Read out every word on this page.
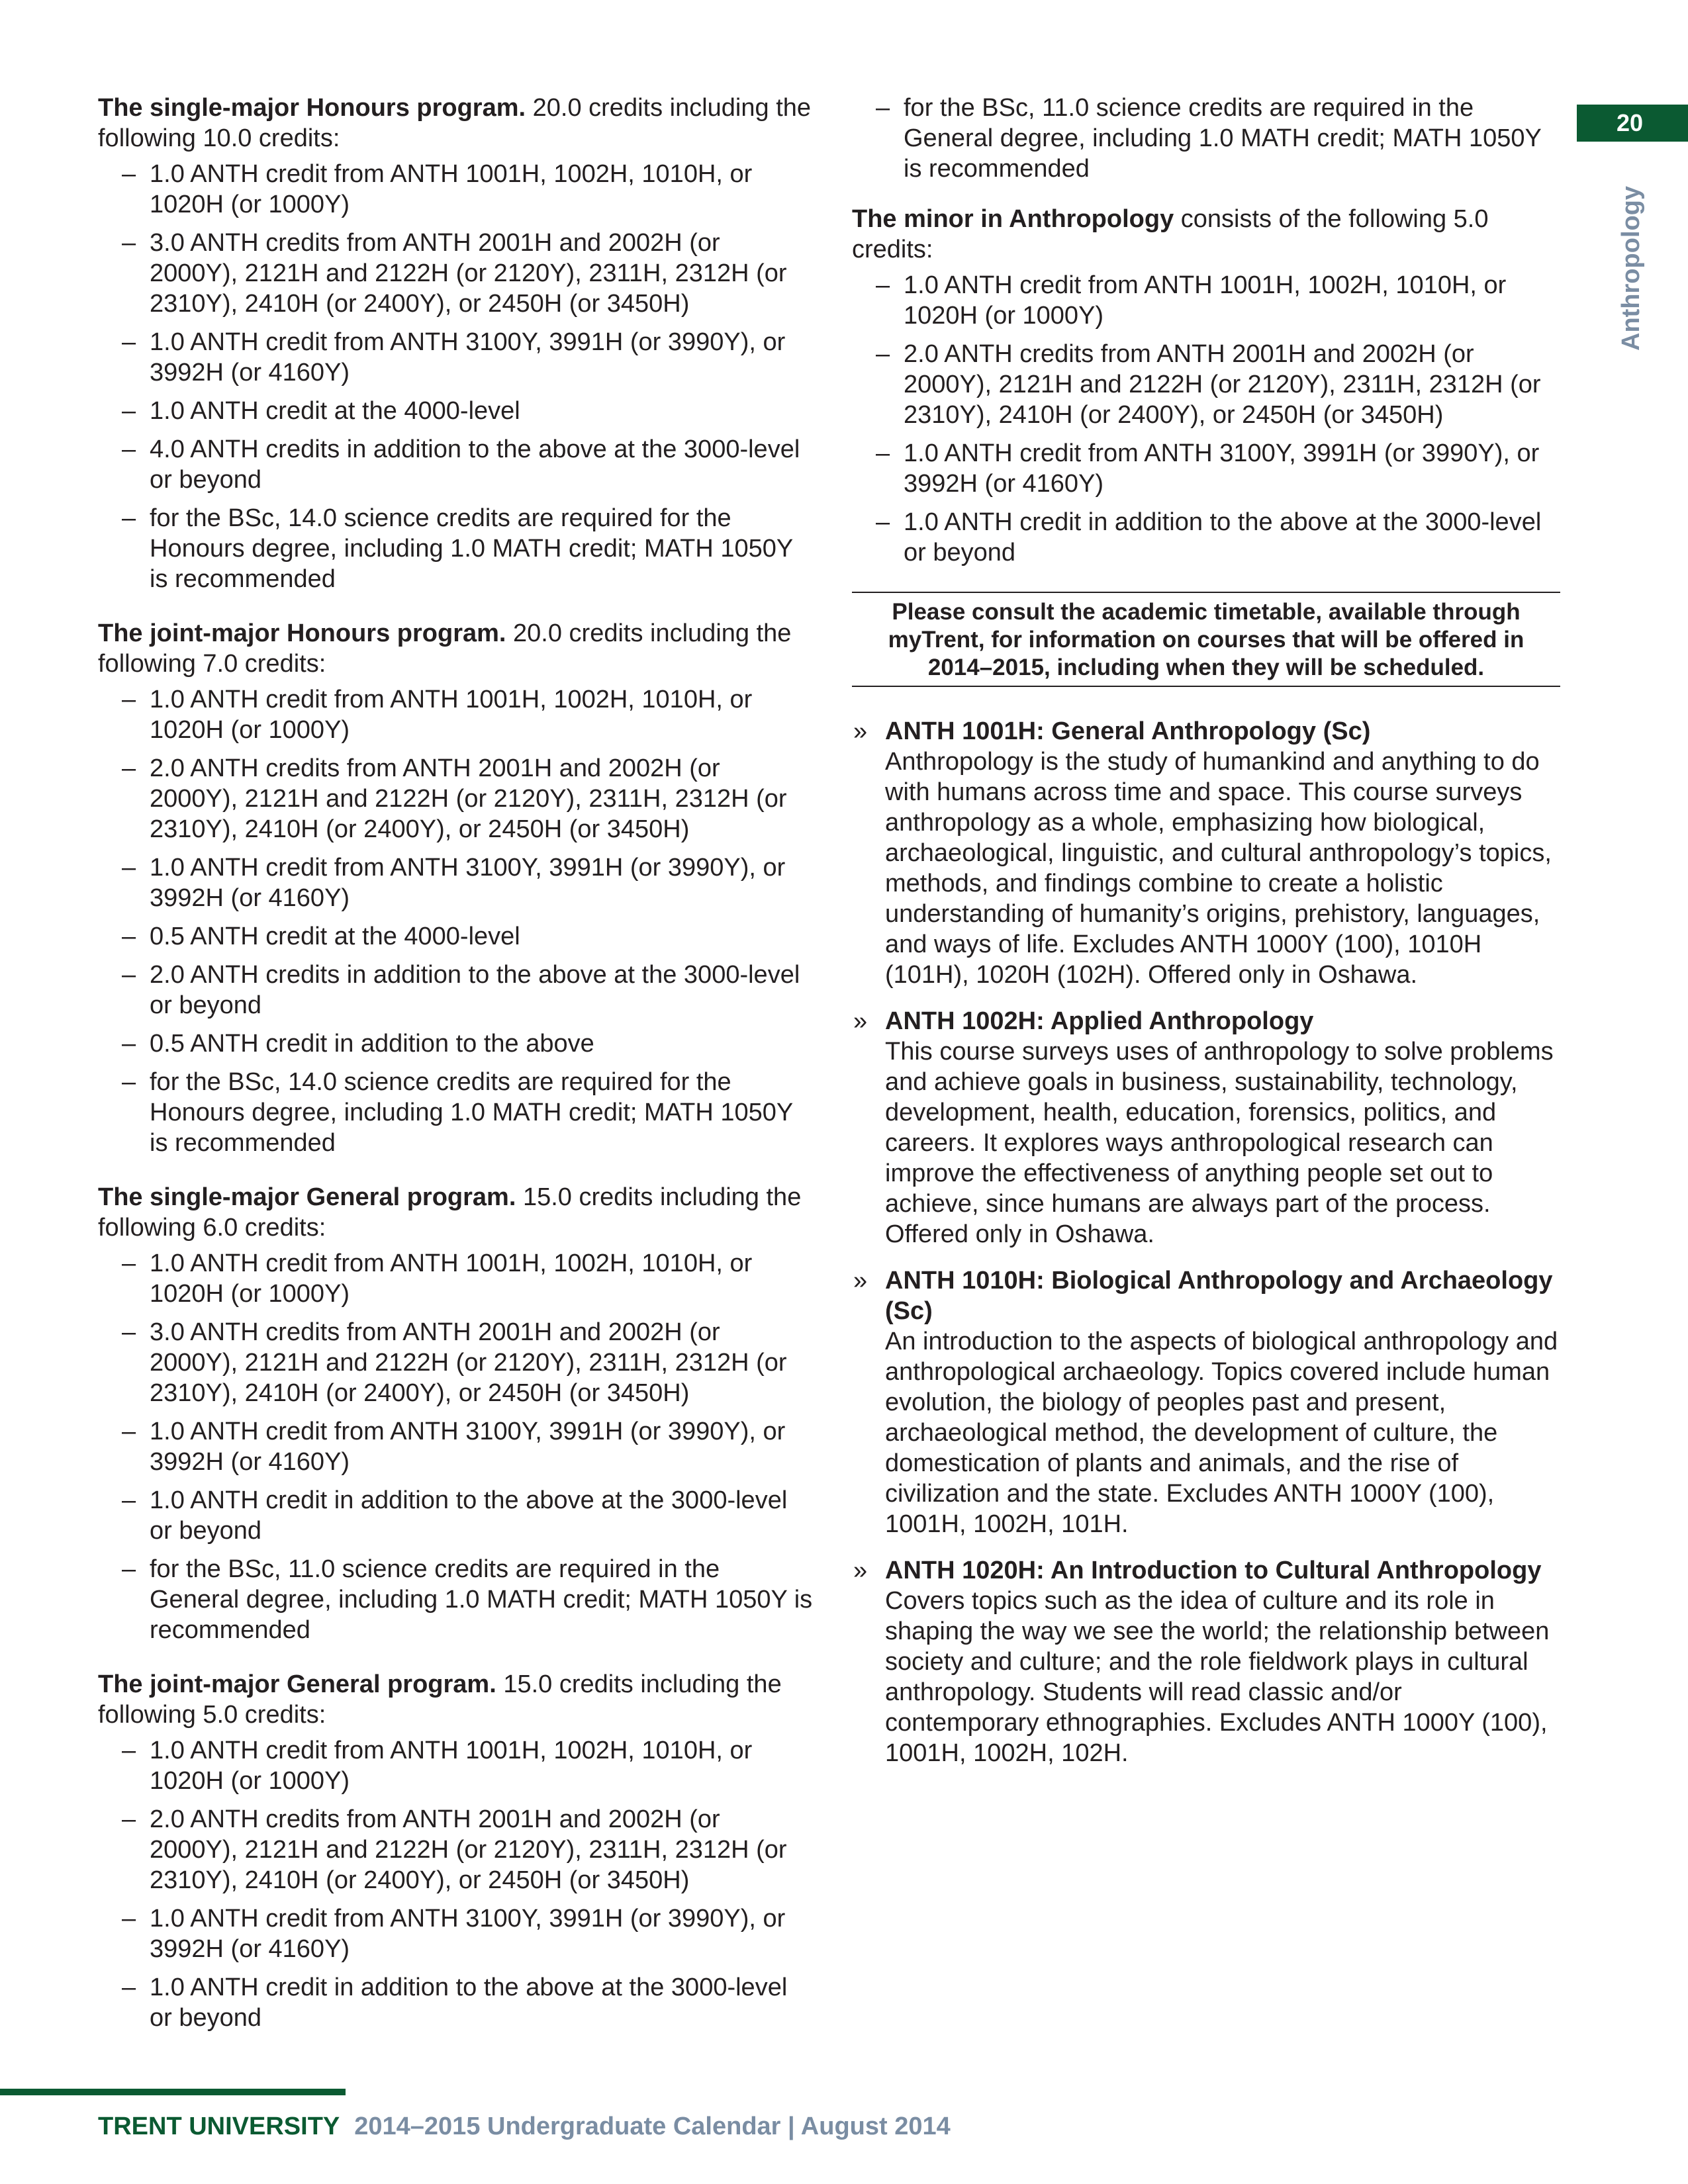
20
Anthropology

The single-major Honours program. 20.0 credits including the following 10.0 credits:

– 1.0 ANTH credit from ANTH 1001H, 1002H, 1010H, or 1020H (or 1000Y)
– 3.0 ANTH credits from ANTH 2001H and 2002H (or 2000Y), 2121H and 2122H (or 2120Y), 2311H, 2312H (or 2310Y), 2410H (or 2400Y), or 2450H (or 3450H)
– 1.0 ANTH credit from ANTH 3100Y, 3991H (or 3990Y), or 3992H (or 4160Y)
– 1.0 ANTH credit at the 4000-level
– 4.0 ANTH credits in addition to the above at the 3000-level or beyond
– for the BSc, 14.0 science credits are required for the Honours degree, including 1.0 MATH credit; MATH 1050Y is recommended

The joint-major Honours program. 20.0 credits including the following 7.0 credits:

– 1.0 ANTH credit from ANTH 1001H, 1002H, 1010H, or 1020H (or 1000Y)
– 2.0 ANTH credits from ANTH 2001H and 2002H (or 2000Y), 2121H and 2122H (or 2120Y), 2311H, 2312H (or 2310Y), 2410H (or 2400Y), or 2450H (or 3450H)
– 1.0 ANTH credit from ANTH 3100Y, 3991H (or 3990Y), or 3992H (or 4160Y)
– 0.5 ANTH credit at the 4000-level
– 2.0 ANTH credits in addition to the above at the 3000-level or beyond
– 0.5 ANTH credit in addition to the above
– for the BSc, 14.0 science credits are required for the Honours degree, including 1.0 MATH credit; MATH 1050Y is recommended

The single-major General program. 15.0 credits including the following 6.0 credits:

– 1.0 ANTH credit from ANTH 1001H, 1002H, 1010H, or 1020H (or 1000Y)
– 3.0 ANTH credits from ANTH 2001H and 2002H (or 2000Y), 2121H and 2122H (or 2120Y), 2311H, 2312H (or 2310Y), 2410H (or 2400Y), or 2450H (or 3450H)
– 1.0 ANTH credit from ANTH 3100Y, 3991H (or 3990Y), or 3992H (or 4160Y)
– 1.0 ANTH credit in addition to the above at the 3000-level or beyond
– for the BSc, 11.0 science credits are required in the General degree, including 1.0 MATH credit; MATH 1050Y is recommended

The joint-major General program. 15.0 credits including the following 5.0 credits:

– 1.0 ANTH credit from ANTH 1001H, 1002H, 1010H, or 1020H (or 1000Y)
– 2.0 ANTH credits from ANTH 2001H and 2002H (or 2000Y), 2121H and 2122H (or 2120Y), 2311H, 2312H (or 2310Y), 2410H (or 2400Y), or 2450H (or 3450H)
– 1.0 ANTH credit from ANTH 3100Y, 3991H (or 3990Y), or 3992H (or 4160Y)
– 1.0 ANTH credit in addition to the above at the 3000-level or beyond
– for the BSc, 11.0 science credits are required in the General degree, including 1.0 MATH credit; MATH 1050Y is recommended

The minor in Anthropology consists of the following 5.0 credits:

– 1.0 ANTH credit from ANTH 1001H, 1002H, 1010H, or 1020H (or 1000Y)
– 2.0 ANTH credits from ANTH 2001H and 2002H (or 2000Y), 2121H and 2122H (or 2120Y), 2311H, 2312H (or 2310Y), 2410H (or 2400Y), or 2450H (or 3450H)
– 1.0 ANTH credit from ANTH 3100Y, 3991H (or 3990Y), or 3992H (or 4160Y)
– 1.0 ANTH credit in addition to the above at the 3000-level or beyond
Please consult the academic timetable, available through myTrent, for information on courses that will be offered in 2014–2015, including when they will be scheduled.
» ANTH 1001H: General Anthropology (Sc)
Anthropology is the study of humankind and anything to do with humans across time and space. This course surveys anthropology as a whole, emphasizing how biological, archaeological, linguistic, and cultural anthropology’s topics, methods, and findings combine to create a holistic understanding of humanity’s origins, prehistory, languages, and ways of life. Excludes ANTH 1000Y (100), 1010H (101H), 1020H (102H). Offered only in Oshawa.
» ANTH 1002H: Applied Anthropology
This course surveys uses of anthropology to solve problems and achieve goals in business, sustainability, technology, development, health, education, forensics, politics, and careers. It explores ways anthropological research can improve the effectiveness of anything people set out to achieve, since humans are always part of the process. Offered only in Oshawa.
» ANTH 1010H: Biological Anthropology and Archaeology (Sc)
An introduction to the aspects of biological anthropology and anthropological archaeology. Topics covered include human evolution, the biology of peoples past and present, archaeological method, the development of culture, the domestication of plants and animals, and the rise of civilization and the state. Excludes ANTH 1000Y (100), 1001H, 1002H, 101H.
» ANTH 1020H: An Introduction to Cultural Anthropology
Covers topics such as the idea of culture and its role in shaping the way we see the world; the relationship between society and culture; and the role fieldwork plays in cultural anthropology. Students will read classic and/or contemporary ethnographies. Excludes ANTH 1000Y (100), 1001H, 1002H, 102H.
TRENT UNIVERSITY 2014–2015 Undergraduate Calendar | August 2014
